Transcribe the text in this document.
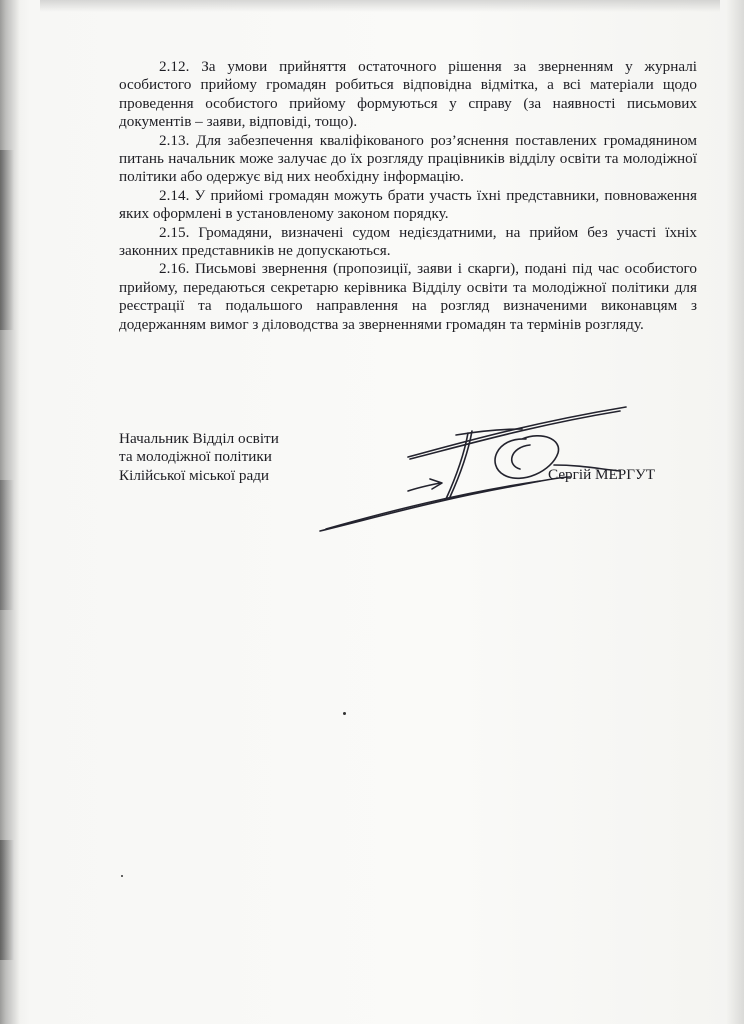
2.12. За умови прийняття остаточного рішення за зверненням у журналі особистого прийому громадян робиться відповідна відмітка, а всі матеріали щодо проведення особистого прийому формуються у справу (за наявності письмових документів – заяви, відповіді, тощо).

2.13. Для забезпечення кваліфікованого роз’яснення поставлених громадянином питань начальник може залучає до їх розгляду працівників відділу освіти та молодіжної політики або одержує від них необхідну інформацію.

2.14. У прийомі громадян можуть брати участь їхні представники, повноваження яких оформлені в установленому законом порядку.

2.15. Громадяни, визначені судом недієздатними, на прийом без участі їхніх законних представників не допускаються.

2.16. Письмові звернення (пропозиції, заяви і скарги), подані під час особистого прийому, передаються секретарю керівника Відділу освіти та молодіжної політики для реєстрації та подальшого направлення на розгляд визначеними виконавцям з додержанням вимог з діловодства за зверненнями громадян та термінів розгляду.

Начальник Відділ освіти
та молодіжної політики
Кілійської міської ради	Сергій МЕРГУТ
